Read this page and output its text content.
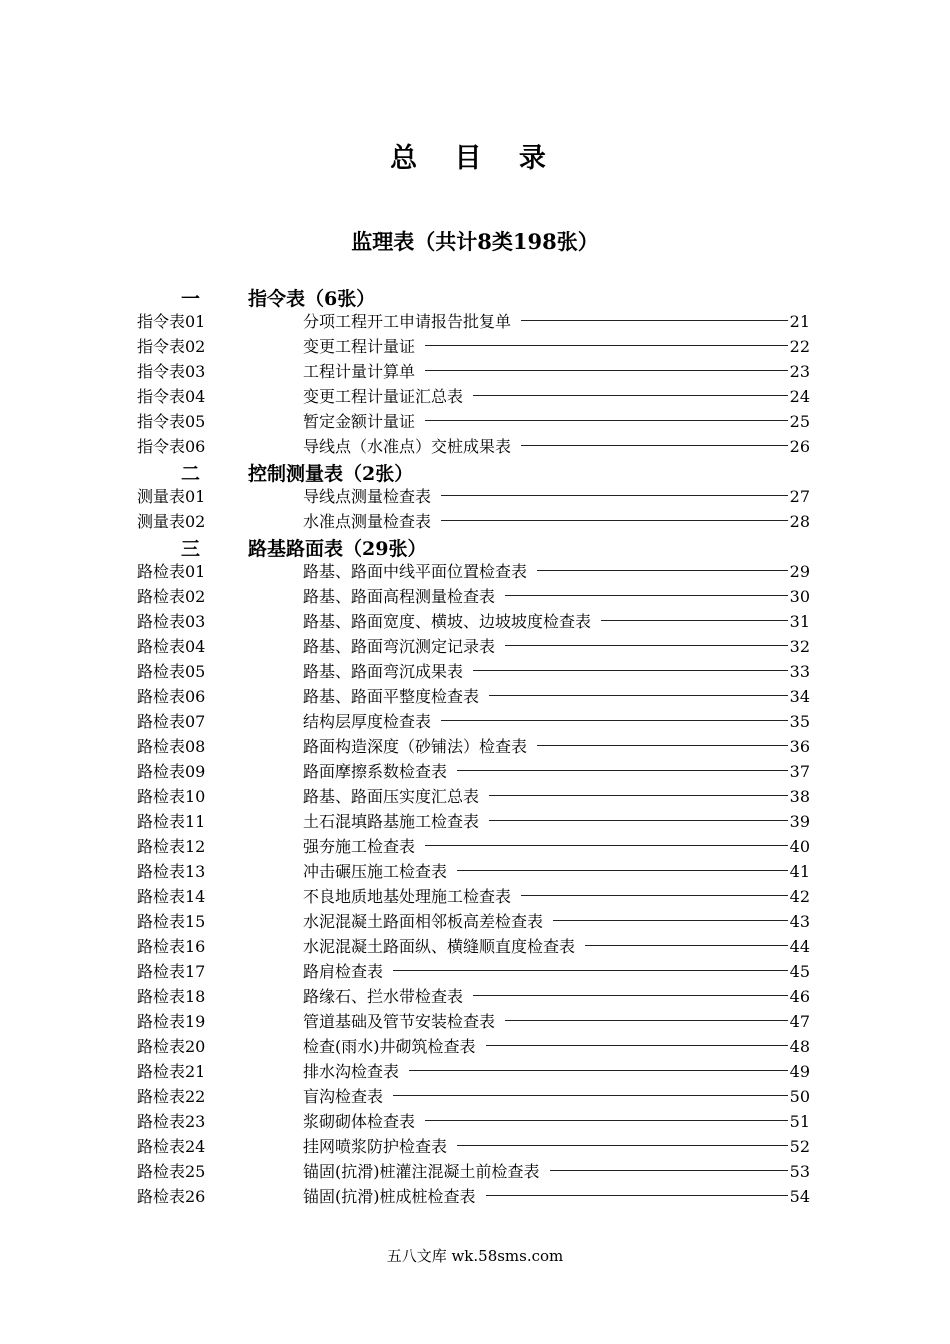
总 目 录
监理表（共计8类198张）
一	指令表（6张）
指令表01	分项工程开工申请报告批复单	21
指令表02	变更工程计量证	22
指令表03	工程计量计算单	23
指令表04	变更工程计量证汇总表	24
指令表05	暂定金额计量证	25
指令表06	导线点（水准点）交桩成果表	26
二	控制测量表（2张）
测量表01	导线点测量检查表	27
测量表02	水准点测量检查表	28
三	路基路面表（29张）
路检表01	路基、路面中线平面位置检查表	29
路检表02	路基、路面高程测量检查表	30
路检表03	路基、路面宽度、横坡、边坡坡度检查表	31
路检表04	路基、路面弯沉测定记录表	32
路检表05	路基、路面弯沉成果表	33
路检表06	路基、路面平整度检查表	34
路检表07	结构层厚度检查表	35
路检表08	路面构造深度（砂铺法）检查表	36
路检表09	路面摩擦系数检查表	37
路检表10	路基、路面压实度汇总表	38
路检表11	土石混填路基施工检查表	39
路检表12	强夯施工检查表	40
路检表13	冲击碾压施工检查表	41
路检表14	不良地质地基处理施工检查表	42
路检表15	水泥混凝土路面相邻板高差检查表	43
路检表16	水泥混凝土路面纵、横缝顺直度检查表	44
路检表17	路肩检查表	45
路检表18	路缘石、拦水带检查表	46
路检表19	管道基础及管节安装检查表	47
路检表20	检查(雨水)井砌筑检查表	48
路检表21	排水沟检查表	49
路检表22	盲沟检查表	50
路检表23	浆砌砌体检查表	51
路检表24	挂网喷浆防护检查表	52
路检表25	锚固(抗滑)桩灌注混凝土前检查表	53
路检表26	锚固(抗滑)桩成桩检查表	54
五八文库 wk.58sms.com
